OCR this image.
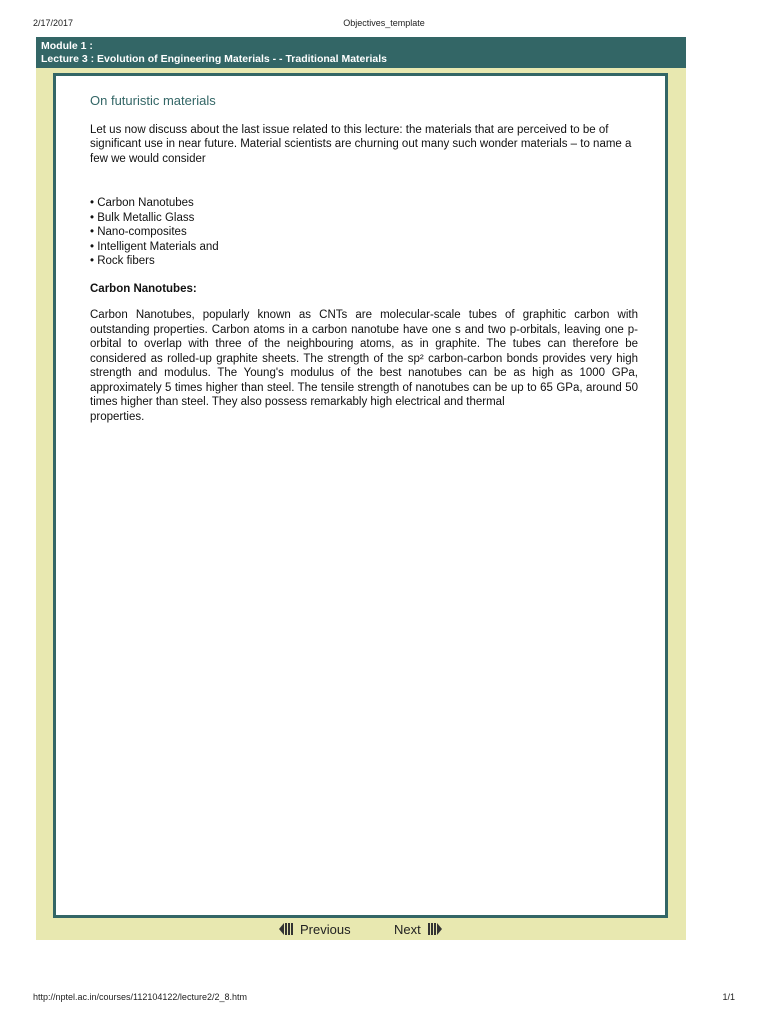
2/17/2017	Objectives_template
Module 1 :
Lecture 3 : Evolution of Engineering Materials - - Traditional Materials
On futuristic materials

Let us now discuss about the last issue related to this lecture: the materials that are perceived to be of significant use in near future. Material scientists are churning out many such wonder materials – to name a few we would consider

• Carbon Nanotubes
• Bulk Metallic Glass
• Nano-composites
• Intelligent Materials and
• Rock fibers
Carbon Nanotubes:

Carbon Nanotubes, popularly known as CNTs are molecular-scale tubes of graphitic carbon with outstanding properties. Carbon atoms in a carbon nanotube have one s and two p-orbitals, leaving one p-orbital to overlap with three of the neighbouring atoms, as in graphite. The tubes can therefore be considered as rolled-up graphite sheets. The strength of the sp² carbon-carbon bonds provides very high strength and modulus. The Young's modulus of the best nanotubes can be as high as 1000 GPa, approximately 5 times higher than steel. The tensile strength of nanotubes can be up to 65 GPa, around 50 times higher than steel. They also possess remarkably high electrical and thermal
properties.

Previous	Next
http://nptel.ac.in/courses/112104122/lecture2/2_8.htm	1/1
